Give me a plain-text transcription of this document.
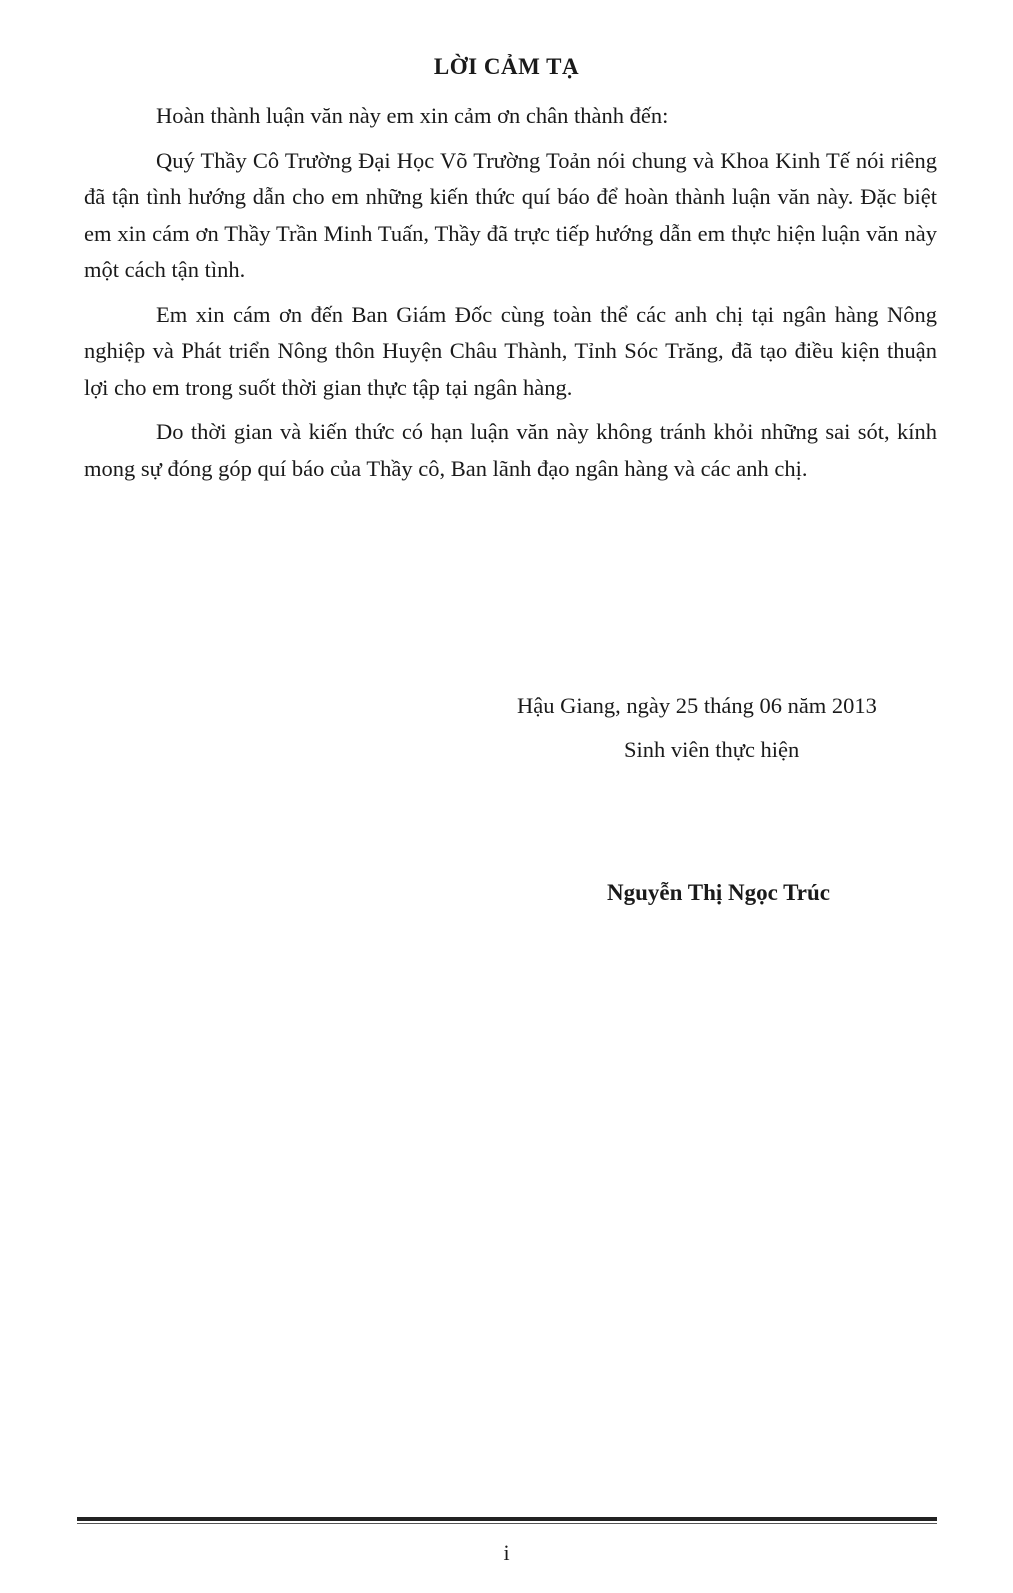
LỜI CẢM TẠ

Hoàn thành luận văn này em xin cảm ơn chân thành đến:

Quý Thầy Cô Trường Đại Học Võ Trường Toản nói chung và Khoa Kinh Tế nói riêng đã tận tình hướng dẫn cho em những kiến thức quí báo để hoàn thành luận văn này. Đặc biệt em xin cám ơn Thầy Trần Minh Tuấn, Thầy đã trực tiếp hướng dẫn em thực hiện luận văn này một cách tận tình.

Em xin cám ơn đến Ban Giám Đốc cùng toàn thể các anh chị tại ngân hàng Nông nghiệp và Phát triển Nông thôn Huyện Châu Thành, Tỉnh Sóc Trăng, đã tạo điều kiện thuận lợi cho em trong suốt thời gian thực tập tại ngân hàng.

Do thời gian và kiến thức có hạn luận văn này không tránh khỏi những sai sót, kính mong sự đóng góp quí báo của Thầy cô, Ban lãnh đạo ngân hàng và các anh chị.

Hậu Giang, ngày 25 tháng 06 năm 2013
Sinh viên thực hiện
Nguyễn Thị Ngọc Trúc
i
